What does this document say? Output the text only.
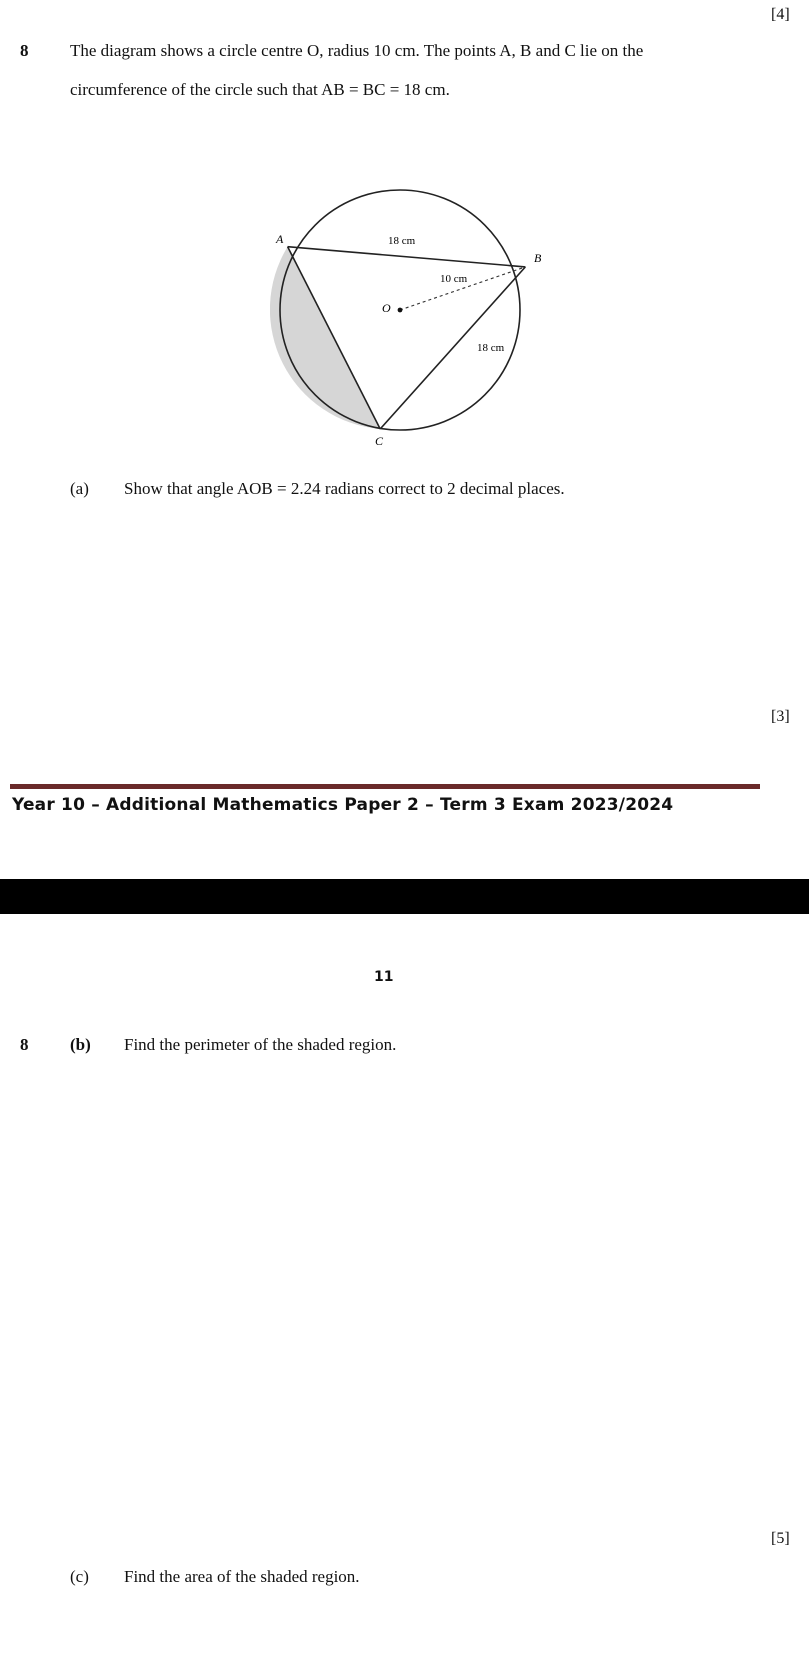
[4]
8 The diagram shows a circle centre O, radius 10 cm. The points A, B and C lie on the
circumference of the circle such that AB = BC = 18 cm.
A
B
C
O
18 cm
10 cm
18 cm
(a) Show that angle AOB = 2.24 radians correct to 2 decimal places.
[3]
Year 10 – Additional Mathematics Paper 2 – Term 3 Exam 2023/2024
11
8 (b) Find the perimeter of the shaded region.
[5]
(c) Find the area of the shaded region.
